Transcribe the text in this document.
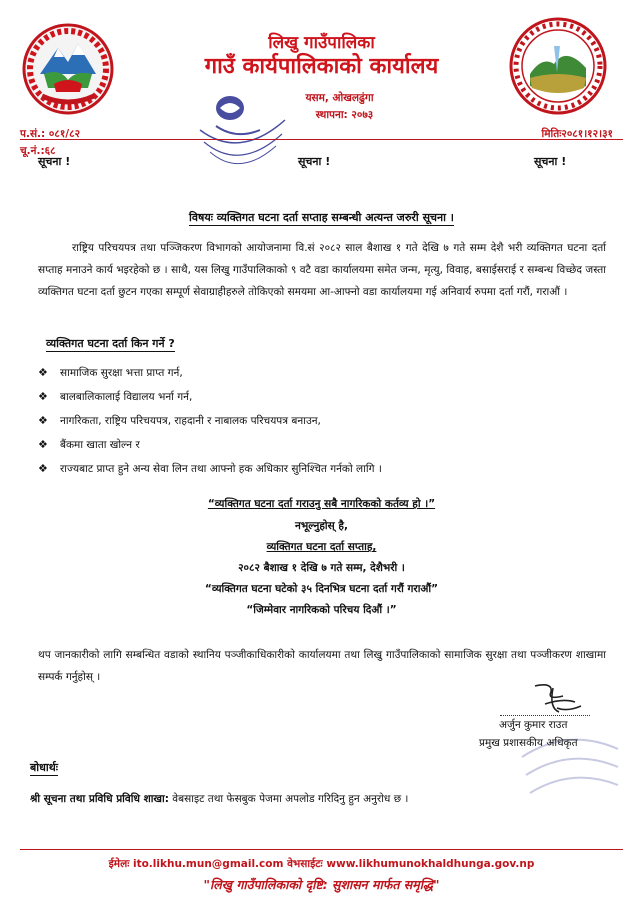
लिखु गाउँपालिका
गाउँ कार्यपालिकाको कार्यालय
यसम, ओखलढुंगा
स्थापना: २०७३
प.सं.: ०८१/८२	मितिः२०८१।१२।३१
चू.नं.:६८
सूचना !	सूचना !	सूचना !
विषयः व्यक्तिगत घटना दर्ता सप्ताह सम्बन्धी अत्यन्त जरुरी सूचना ।

राष्ट्रिय परिचयपत्र तथा पञ्जिकरण विभागको आयोजनामा वि.सं २०८२ साल बैशाख १ गते देखि ७ गते सम्म देशै भरी व्यक्तिगत घटना दर्ता सप्ताह मनाउने कार्य भइरहेको छ । साथै, यस लिखु गाउँपालिकाको ९ वटै वडा कार्यालयमा समेत जन्म, मृत्यु, विवाह, बसाईसराई र सम्बन्ध विच्छेद जस्ता व्यक्तिगत घटना दर्ता छुटन गएका सम्पूर्ण सेवाग्राहीहरुले तोकिएको समयमा आ-आफ्नो वडा कार्यालयमा गई अनिवार्य रुपमा दर्ता गरौं, गराऔं ।

व्यक्तिगत घटना दर्ता किन गर्ने ?
❖	सामाजिक सुरक्षा भत्ता प्राप्त गर्न,
❖	बालबालिकालाई विद्यालय भर्ना गर्न,
❖	नागरिकता, राष्ट्रिय परिचयपत्र, राहदानी र नाबालक परिचयपत्र बनाउन,
❖	बैंकमा खाता खोल्न र
❖	राज्यबाट प्राप्त हुने अन्य सेवा लिन तथा आफ्नो हक अधिकार सुनिश्चित गर्नको लागि ।
“व्यक्तिगत घटना दर्ता गराउनु सबै नागरिकको कर्तव्य हो ।”
नभूल्नुहोस् है,
व्यक्तिगत घटना दर्ता सप्ताह,
२०८२ बैशाख १ देखि ७ गते सम्म, देशैभरी ।
“व्यक्तिगत घटना घटेको ३५ दिनभित्र घटना दर्ता गरौं गराऔं”
“जिम्मेवार नागरिकको परिचय दिऔं ।”

थप जानकारीको लागि सम्बन्धित वडाको स्थानिय पञ्जीकाधिकारीको कार्यालयमा तथा लिखु गाउँपालिकाको सामाजिक सुरक्षा तथा पञ्जीकरण शाखामा सम्पर्क गर्नुहोस् ।

अर्जुन कुमार राउत
प्रमुख प्रशासकीय अधिकृत
बोधार्थः
श्री सूचना तथा प्रविधि प्रविधि शाखा: वेबसाइट तथा फेसबुक पेजमा अपलोड गरिदिनु हुन अनुरोध छ ।
ईमेलः ito.likhu.mun@gmail.com वेभसाईटः www.likhumunokhaldhunga.gov.np
"लिखु गाउँपालिकाको दृष्टि: सुशासन मार्फत समृद्धि"
